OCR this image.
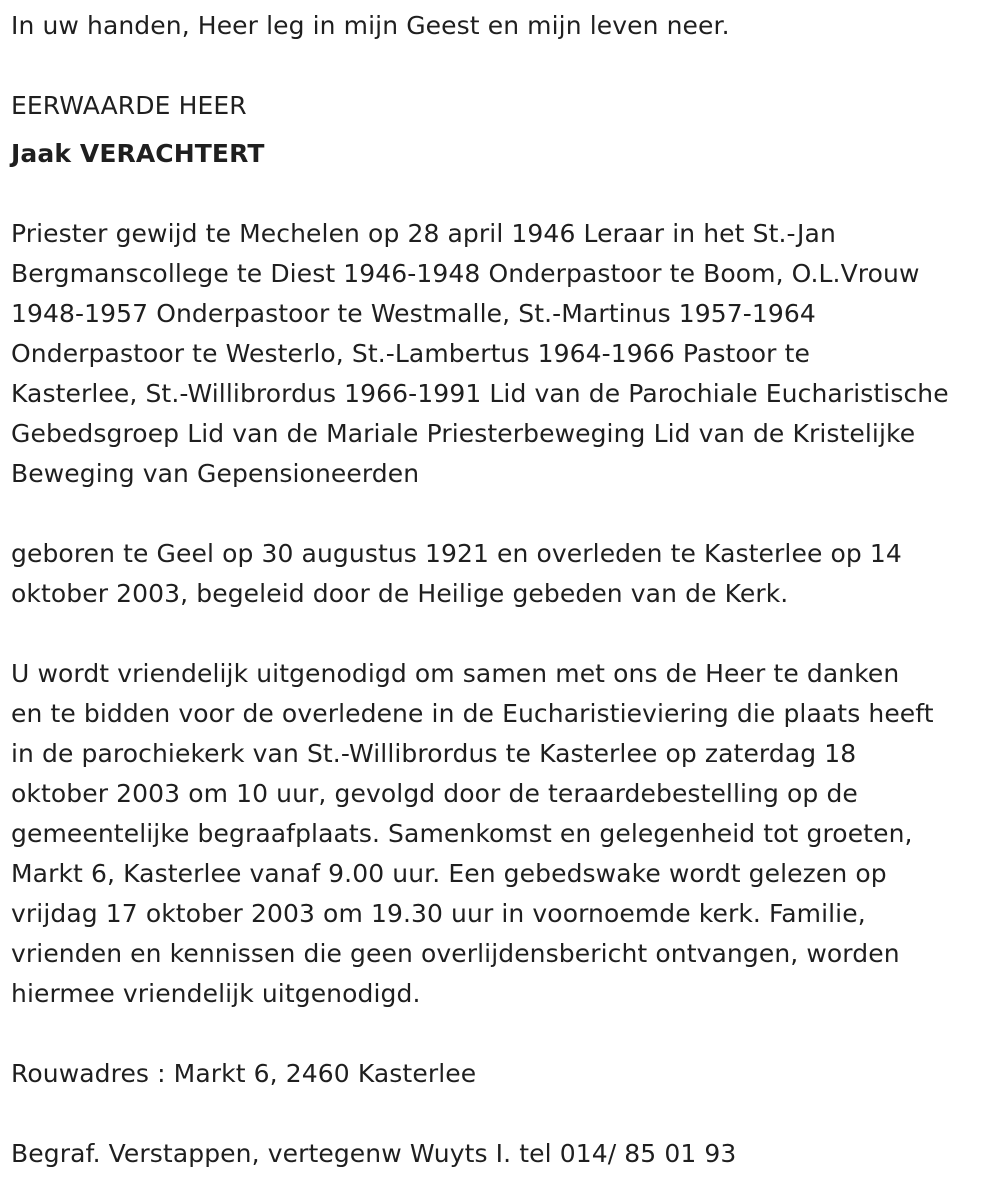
In uw handen, Heer leg in mijn Geest en mijn leven neer.

EERWAARDE HEER

Jaak VERACHTERT

Priester gewijd te Mechelen op 28 april 1946 Leraar in het St.-Jan

Bergmanscollege te Diest 1946-1948 Onderpastoor te Boom, O.L.Vrouw

1948-1957 Onderpastoor te Westmalle, St.-Martinus 1957-1964

Onderpastoor te Westerlo, St.-Lambertus 1964-1966 Pastoor te

Kasterlee, St.-Willibrordus 1966-1991 Lid van de Parochiale Eucharistische

Gebedsgroep Lid van de Mariale Priesterbeweging Lid van de Kristelijke

Beweging van Gepensioneerden

geboren te Geel op 30 augustus 1921 en overleden te Kasterlee op 14

oktober 2003, begeleid door de Heilige gebeden van de Kerk.

U wordt vriendelijk uitgenodigd om samen met ons de Heer te danken

en te bidden voor de overledene in de Eucharistieviering die plaats heeft

in de parochiekerk van St.-Willibrordus te Kasterlee op zaterdag 18

oktober 2003 om 10 uur, gevolgd door de teraardebestelling op de

gemeentelijke begraafplaats. Samenkomst en gelegenheid tot groeten,

Markt 6, Kasterlee vanaf 9.00 uur. Een gebedswake wordt gelezen op

vrijdag 17 oktober 2003 om 19.30 uur in voornoemde kerk. Familie,

vrienden en kennissen die geen overlijdensbericht ontvangen, worden

hiermee vriendelijk uitgenodigd.

Rouwadres : Markt 6, 2460 Kasterlee

Begraf. Verstappen, vertegenw Wuyts I. tel 014/ 85 01 93
